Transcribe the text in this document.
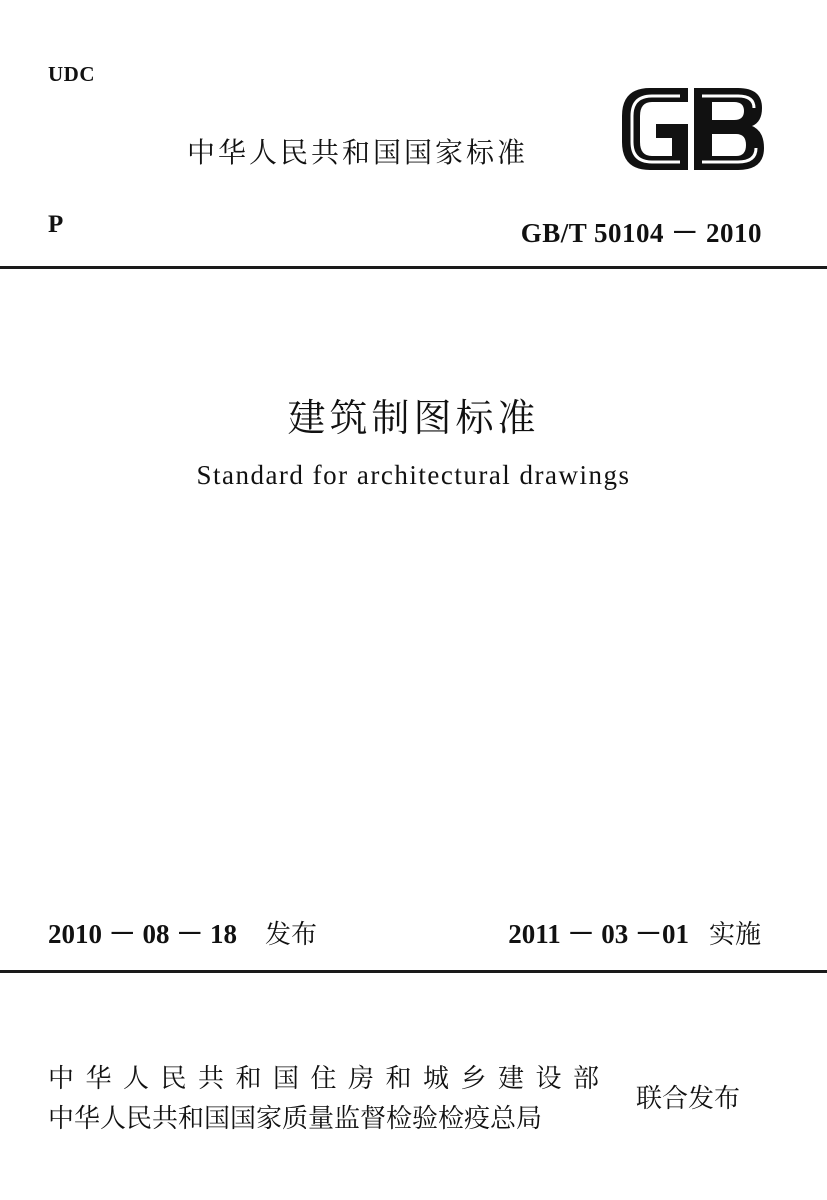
UDC
中华人民共和国国家标准
P	GB/T 50104 － 2010
建筑制图标准
Standard for architectural drawings
2010 － 08 － 18 发布	2011 － 03 －01 实施
中华人民共和国住房和城乡建设部
中华人民共和国国家质量监督检验检疫总局
联合发布
